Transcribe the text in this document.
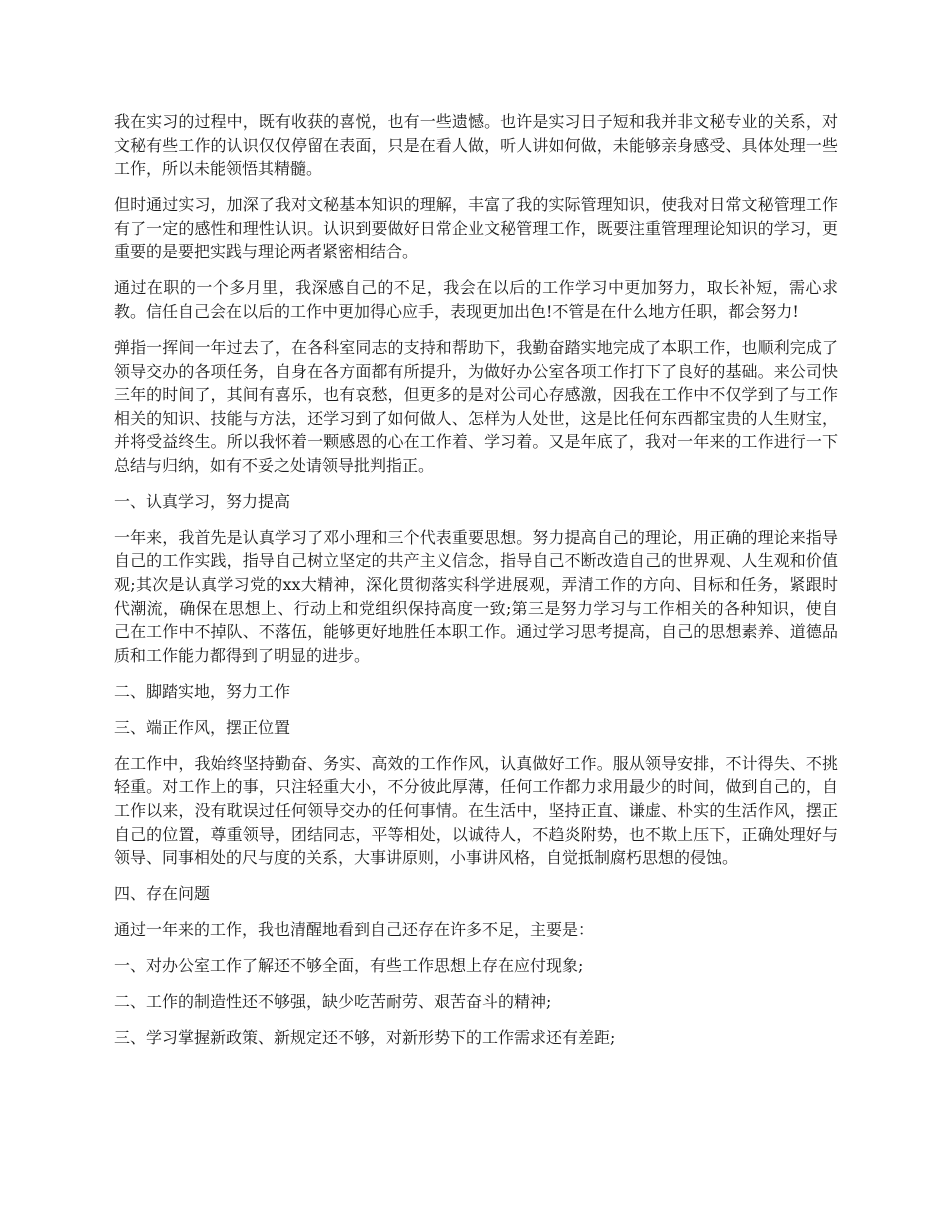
我在实习的过程中，既有收获的喜悦，也有一些遗憾。也许是实习日子短和我并非文秘专业的关系，对文秘有些工作的认识仅仅停留在表面，只是在看人做，听人讲如何做，未能够亲身感受、具体处理一些工作，所以未能领悟其精髓。

但时通过实习，加深了我对文秘基本知识的理解，丰富了我的实际管理知识，使我对日常文秘管理工作有了一定的感性和理性认识。认识到要做好日常企业文秘管理工作，既要注重管理理论知识的学习，更重要的是要把实践与理论两者紧密相结合。

通过在职的一个多月里，我深感自己的不足，我会在以后的工作学习中更加努力，取长补短，需心求教。信任自己会在以后的工作中更加得心应手，表现更加出色!不管是在什么地方任职，都会努力!

弹指一挥间一年过去了，在各科室同志的支持和帮助下，我勤奋踏实地完成了本职工作，也顺利完成了领导交办的各项任务，自身在各方面都有所提升，为做好办公室各项工作打下了良好的基础。来公司快三年的时间了，其间有喜乐，也有哀愁，但更多的是对公司心存感激，因我在工作中不仅学到了与工作相关的知识、技能与方法，还学习到了如何做人、怎样为人处世，这是比任何东西都宝贵的人生财宝，并将受益终生。所以我怀着一颗感恩的心在工作着、学习着。又是年底了，我对一年来的工作进行一下总结与归纳，如有不妥之处请领导批判指正。

一、认真学习，努力提高

一年来，我首先是认真学习了邓小理和三个代表重要思想。努力提高自己的理论，用正确的理论来指导自己的工作实践，指导自己树立坚定的共产主义信念，指导自己不断改造自己的世界观、人生观和价值观;其次是认真学习党的xx大精神，深化贯彻落实科学进展观，弄清工作的方向、目标和任务，紧跟时代潮流，确保在思想上、行动上和党组织保持高度一致;第三是努力学习与工作相关的各种知识，使自己在工作中不掉队、不落伍，能够更好地胜任本职工作。通过学习思考提高，自己的思想素养、道德品质和工作能力都得到了明显的进步。

二、脚踏实地，努力工作

三、端正作风，摆正位置

在工作中，我始终坚持勤奋、务实、高效的工作作风，认真做好工作。服从领导安排，不计得失、不挑轻重。对工作上的事，只注轻重大小，不分彼此厚薄，任何工作都力求用最少的时间，做到自己的，自工作以来，没有耽误过任何领导交办的任何事情。在生活中，坚持正直、谦虚、朴实的生活作风，摆正自己的位置，尊重领导，团结同志，平等相处，以诚待人，不趋炎附势，也不欺上压下，正确处理好与领导、同事相处的尺与度的关系，大事讲原则，小事讲风格，自觉抵制腐朽思想的侵蚀。

四、存在问题

通过一年来的工作，我也清醒地看到自己还存在许多不足，主要是：

一、对办公室工作了解还不够全面，有些工作思想上存在应付现象;

二、工作的制造性还不够强，缺少吃苦耐劳、艰苦奋斗的精神;

三、学习掌握新政策、新规定还不够，对新形势下的工作需求还有差距;
